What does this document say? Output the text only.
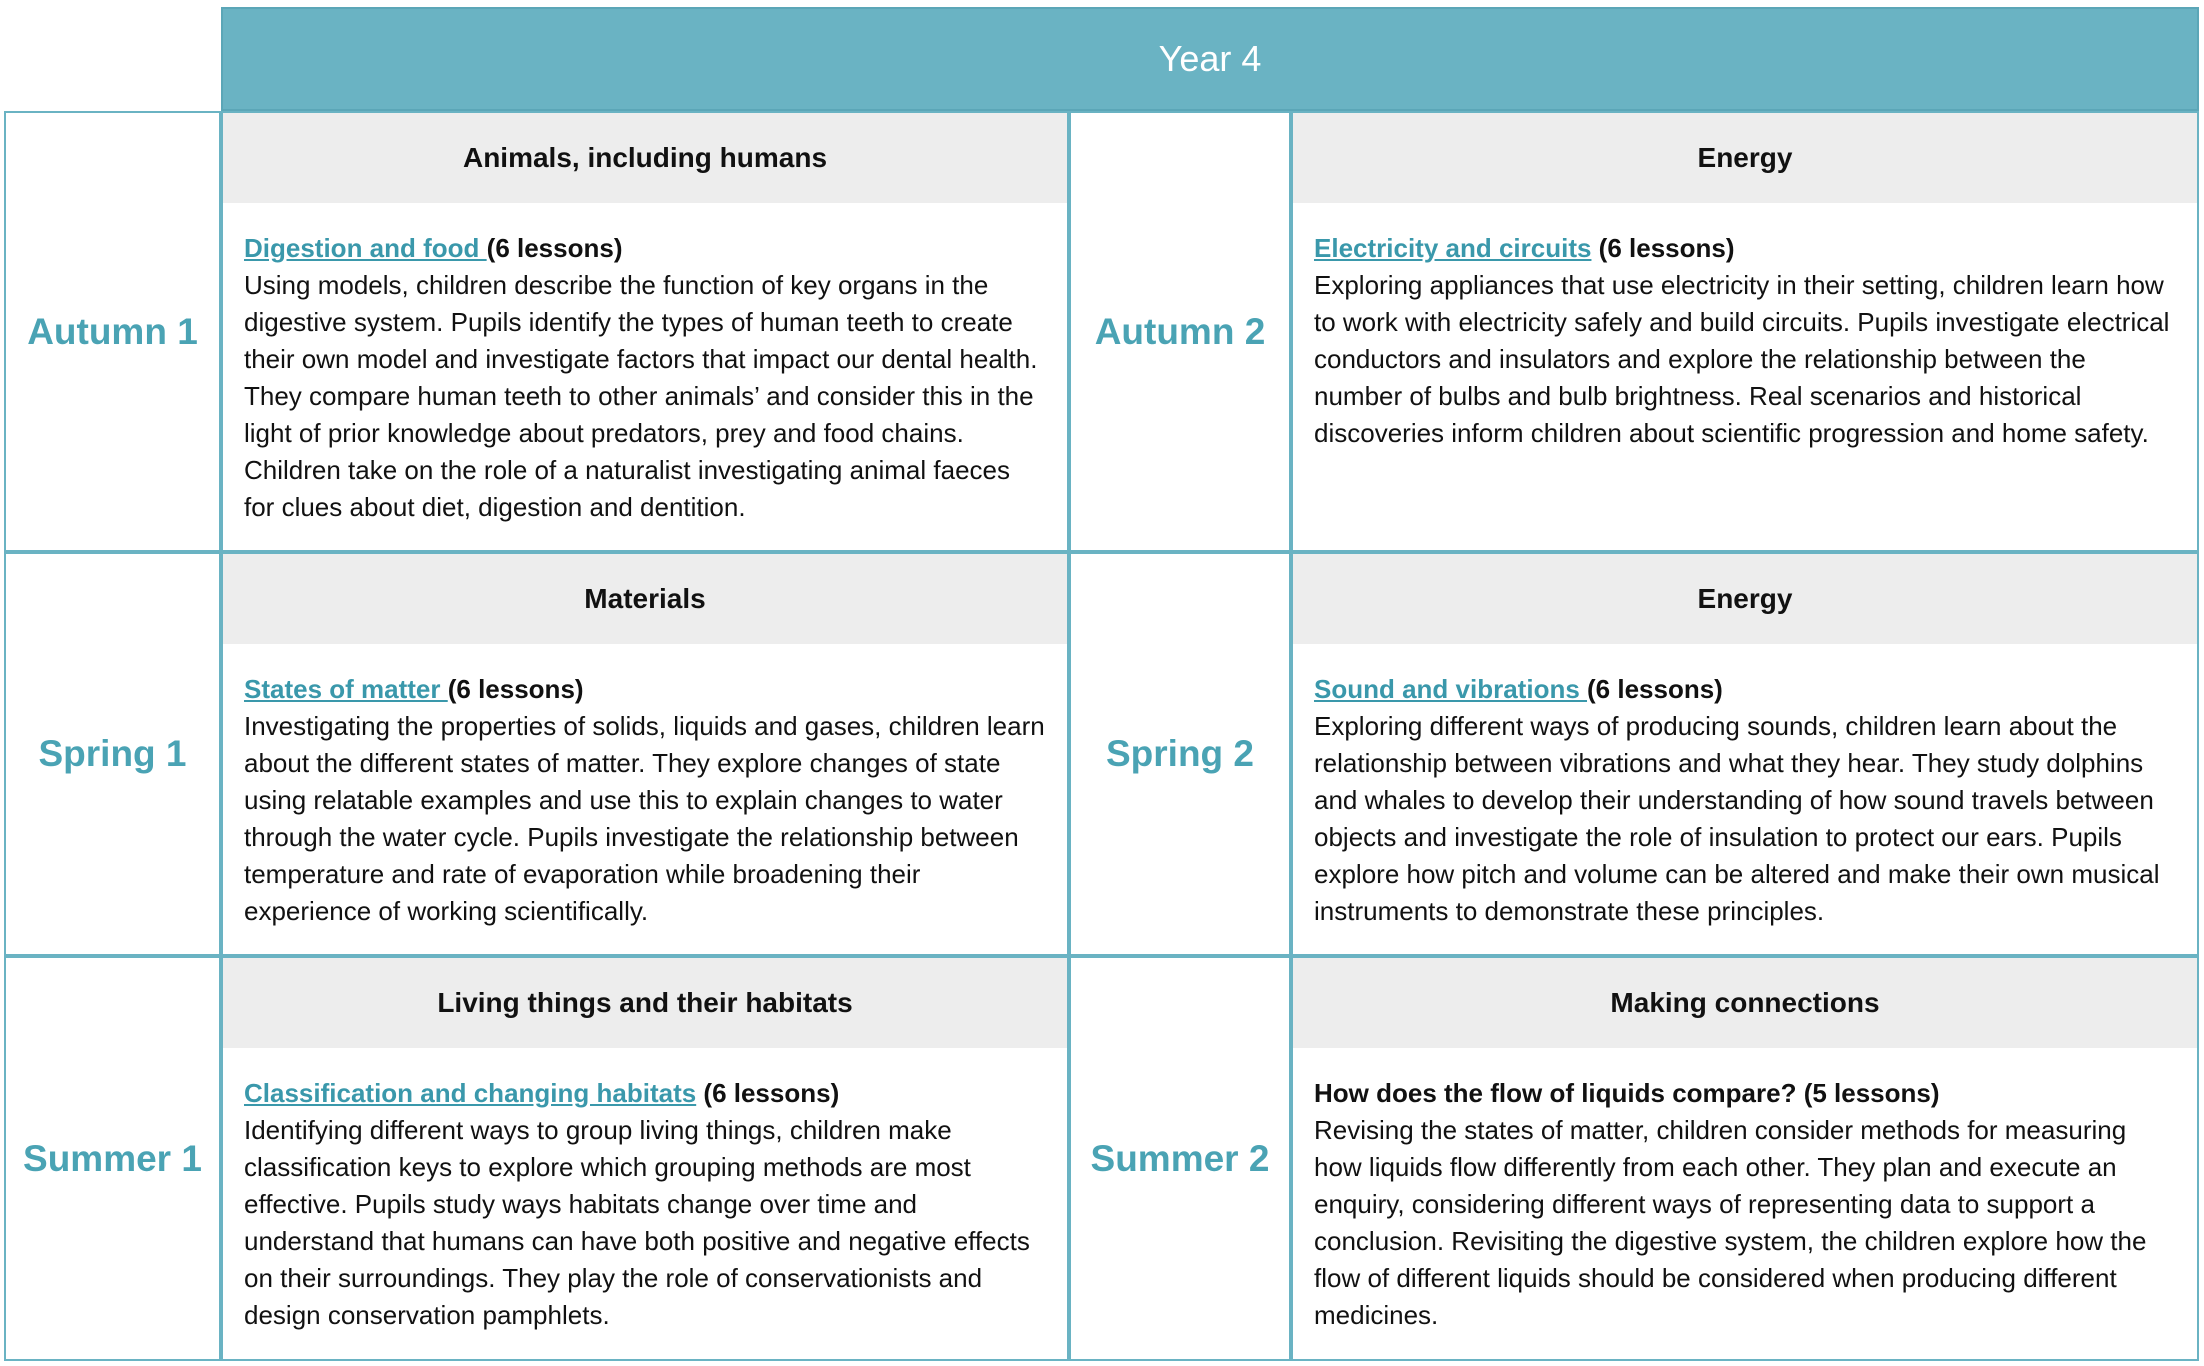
Year 4
Autumn 1
Animals, including humans
Digestion and food (6 lessons)
Using models, children describe the function of key organs in the digestive system. Pupils identify the types of human teeth to create their own model and investigate factors that impact our dental health. They compare human teeth to other animals’ and consider this in the light of prior knowledge about predators, prey and food chains. Children take on the role of a naturalist investigating animal faeces for clues about diet, digestion and dentition.
Autumn 2
Energy
Electricity and circuits (6 lessons)
Exploring appliances that use electricity in their setting, children learn how to work with electricity safely and build circuits. Pupils investigate electrical conductors and insulators and explore the relationship between the number of bulbs and bulb brightness. Real scenarios and historical discoveries inform children about scientific progression and home safety.
Spring 1
Materials
States of matter (6 lessons)
Investigating the properties of solids, liquids and gases, children learn about the different states of matter. They explore changes of state using relatable examples and use this to explain changes to water through the water cycle. Pupils investigate the relationship between temperature and rate of evaporation while broadening their experience of working scientifically.
Spring 2
Energy
Sound and vibrations (6 lessons)
Exploring different ways of producing sounds, children learn about the relationship between vibrations and what they hear. They study dolphins and whales to develop their understanding of how sound travels between objects and investigate the role of insulation to protect our ears. Pupils explore how pitch and volume can be altered and make their own musical instruments to demonstrate these principles.
Summer 1
Living things and their habitats
Classification and changing habitats (6 lessons)
Identifying different ways to group living things, children make classification keys to explore which grouping methods are most effective. Pupils study ways habitats change over time and understand that humans can have both positive and negative effects on their surroundings. They play the role of conservationists and design conservation pamphlets.
Summer 2
Making connections
How does the flow of liquids compare? (5 lessons)
Revising the states of matter, children consider methods for measuring how liquids flow differently from each other. They plan and execute an enquiry, considering different ways of representing data to support a conclusion. Revisiting the digestive system, the children explore how the flow of different liquids should be considered when producing different medicines.
